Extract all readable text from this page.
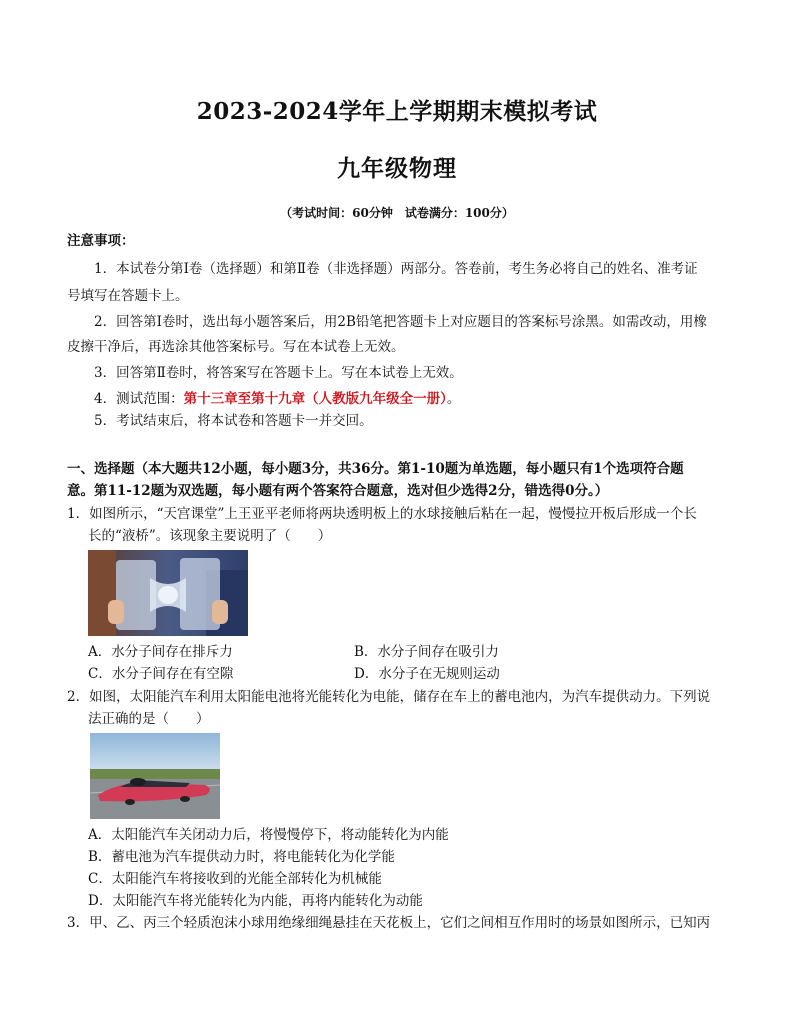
2023-2024学年上学期期末模拟考试
九年级物理
（考试时间：60分钟　试卷满分：100分）
注意事项：
1．本试卷分第Ⅰ卷（选择题）和第Ⅱ卷（非选择题）两部分。答卷前，考生务必将自己的姓名、准考证
号填写在答题卡上。
2．回答第Ⅰ卷时，选出每小题答案后，用2B铅笔把答题卡上对应题目的答案标号涂黑。如需改动，用橡
皮擦干净后，再选涂其他答案标号。写在本试卷上无效。
3．回答第Ⅱ卷时，将答案写在答题卡上。写在本试卷上无效。
4．测试范围：第十三章至第十九章（人教版九年级全一册）。
5．考试结束后，将本试卷和答题卡一并交回。
一、选择题（本大题共12小题，每小题3分，共36分。第1-10题为单选题，每小题只有1个选项符合题
意。第11-12题为双选题，每小题有两个答案符合题意，选对但少选得2分，错选得0分。）
1．如图所示，“天宫课堂”上王亚平老师将两块透明板上的水球接触后粘在一起，慢慢拉开板后形成一个长
长的“液桥”。该现象主要说明了（　　）
A．水分子间存在排斥力	B．水分子间存在吸引力
C．水分子间存在有空隙	D．水分子在无规则运动
2．如图，太阳能汽车利用太阳能电池将光能转化为电能，储存在车上的蓄电池内，为汽车提供动力。下列说
法正确的是（　　）
A．太阳能汽车关闭动力后，将慢慢停下，将动能转化为内能
B．蓄电池为汽车提供动力时，将电能转化为化学能
C．太阳能汽车将接收到的光能全部转化为机械能
D．太阳能汽车将光能转化为内能，再将内能转化为动能
3．甲、乙、丙三个轻质泡沫小球用绝缘细绳悬挂在天花板上，它们之间相互作用时的场景如图所示，已知丙
